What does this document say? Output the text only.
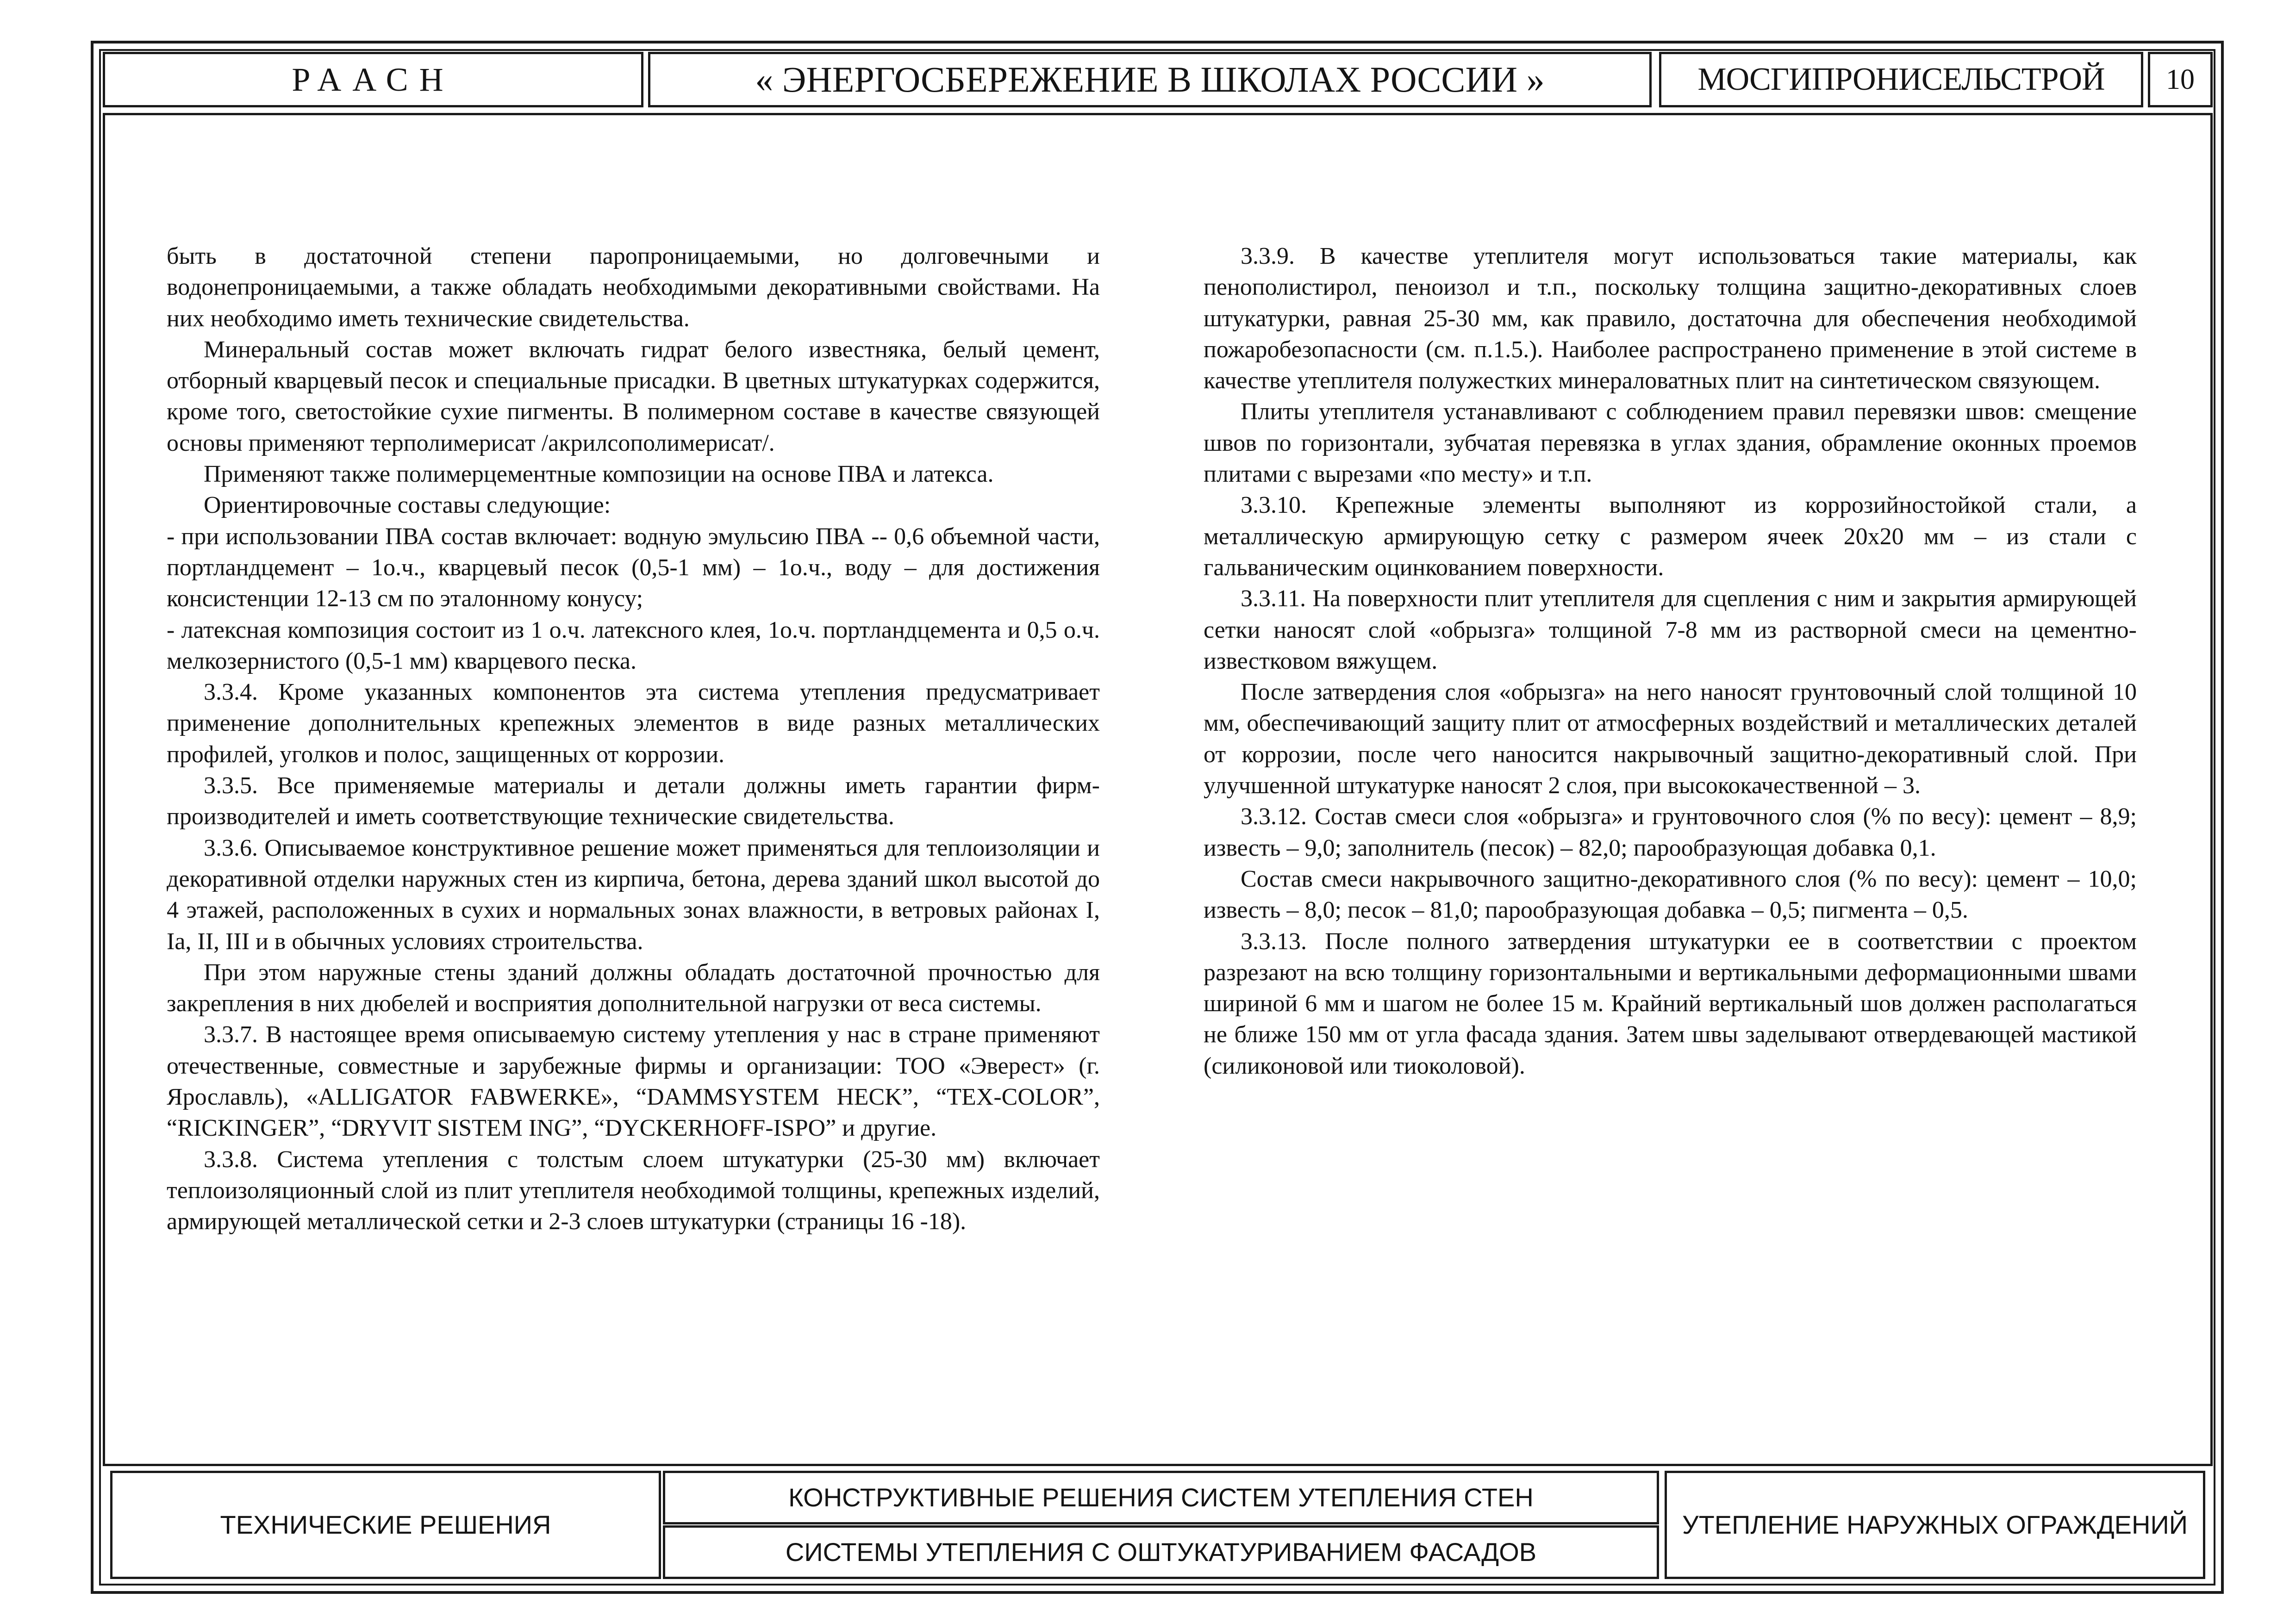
РААСН	« ЭНЕРГОСБЕРЕЖЕНИЕ В ШКОЛАХ РОССИИ »	МОСГИПРОНИСЕЛЬСТРОЙ	10

быть в достаточной степени паропроницаемыми, но долговечными и водонепроницаемыми, а также обладать необходимыми декоративными свойствами. На них необходимо иметь технические свидетельства.

Минеральный состав может включать гидрат белого известняка, белый цемент, отборный кварцевый песок и специальные присадки. В цветных штукатурках содержится, кроме того, светостойкие сухие пигменты. В полимерном составе в качестве связующей основы применяют терполимерисат /акрилсополимерисат/.

Применяют также полимерцементные композиции на основе ПВА и латекса.

Ориентировочные составы следующие:

- при использовании ПВА состав включает: водную эмульсию ПВА -- 0,6 объемной части, портландцемент – 1о.ч., кварцевый песок (0,5-1 мм) – 1о.ч., воду – для достижения консистенции 12-13 см по эталонному конусу;

- латексная композиция состоит из 1 о.ч. латексного клея, 1о.ч. портландцемента и 0,5 о.ч. мелкозернистого (0,5-1 мм) кварцевого песка.

3.3.4. Кроме указанных компонентов эта система утепления предусматривает применение дополнительных крепежных элементов в виде разных металлических профилей, уголков и полос, защищенных от коррозии.

3.3.5. Все применяемые материалы и детали должны иметь гарантии фирм-производителей и иметь соответствующие технические свидетельства.

3.3.6. Описываемое конструктивное решение может применяться для теплоизоляции и декоративной отделки наружных стен из кирпича, бетона, дерева зданий школ высотой до 4 этажей, расположенных в сухих и нормальных зонах влажности, в ветровых районах I, Iа, II, III и в обычных условиях строительства.

При этом наружные стены зданий должны обладать достаточной прочностью для закрепления в них дюбелей и восприятия дополнительной нагрузки от веса системы.

3.3.7. В настоящее время описываемую систему утепления у нас в стране применяют отечественные, совместные и зарубежные фирмы и организации: ТОО «Эверест» (г. Ярославль), «ALLIGATOR FABWERKE», “DAMMSYSTEM HECK”, “TEX-COLOR”, “RICKINGER”, “DRYVIT SISTEM ING”, “DYCKERHOFF-ISPO” и другие.

3.3.8. Система утепления с толстым слоем штукатурки (25-30 мм) включает теплоизоляционный слой из плит утеплителя необходимой толщины, крепежных изделий, армирующей металлической сетки и 2-3 слоев штукатурки (страницы 16 -18).

3.3.9. В качестве утеплителя могут использоваться такие материалы, как пенополистирол, пеноизол и т.п., поскольку толщина защитно-декоративных слоев штукатурки, равная 25-30 мм, как правило, достаточна для обеспечения необходимой пожаробезопасности (см. п.1.5.). Наиболее распространено применение в этой системе в качестве утеплителя полужестких минераловатных плит на синтетическом связующем.

Плиты утеплителя устанавливают с соблюдением правил перевязки швов: смещение швов по горизонтали, зубчатая перевязка в углах здания, обрамление оконных проемов плитами с вырезами «по месту» и т.п.

3.3.10. Крепежные элементы выполняют из коррозийностойкой стали, а металлическую армирующую сетку с размером ячеек 20х20 мм – из стали с гальваническим оцинкованием поверхности.

3.3.11. На поверхности плит утеплителя для сцепления с ним и закрытия армирующей сетки наносят слой «обрызга» толщиной 7-8 мм из растворной смеси на цементно-известковом вяжущем.

После затвердения слоя «обрызга» на него наносят грунтовочный слой толщиной 10 мм, обеспечивающий защиту плит от атмосферных воздействий и металлических деталей от коррозии, после чего наносится накрывочный защитно-декоративный слой. При улучшенной штукатурке наносят 2 слоя, при высококачественной – 3.

3.3.12. Состав смеси слоя «обрызга» и грунтовочного слоя (% по весу): цемент – 8,9; известь – 9,0; заполнитель (песок) – 82,0; парообразующая добавка 0,1.

Состав смеси накрывочного защитно-декоративного слоя (% по весу): цемент – 10,0; известь – 8,0; песок – 81,0; парообразующая добавка – 0,5; пигмента – 0,5.

3.3.13. После полного затвердения штукатурки ее в соответствии с проектом разрезают на всю толщину горизонтальными и вертикальными деформационными швами шириной 6 мм и шагом не более 15 м. Крайний вертикальный шов должен располагаться не ближе 150 мм от угла фасада здания. Затем швы заделывают отвердевающей мастикой (силиконовой или тиоколовой).

ТЕХНИЧЕСКИЕ РЕШЕНИЯ
КОНСТРУКТИВНЫЕ РЕШЕНИЯ СИСТЕМ УТЕПЛЕНИЯ СТЕН
СИСТЕМЫ УТЕПЛЕНИЯ С ОШТУКАТУРИВАНИЕМ ФАСАДОВ
УТЕПЛЕНИЕ НАРУЖНЫХ ОГРАЖДЕНИЙ
